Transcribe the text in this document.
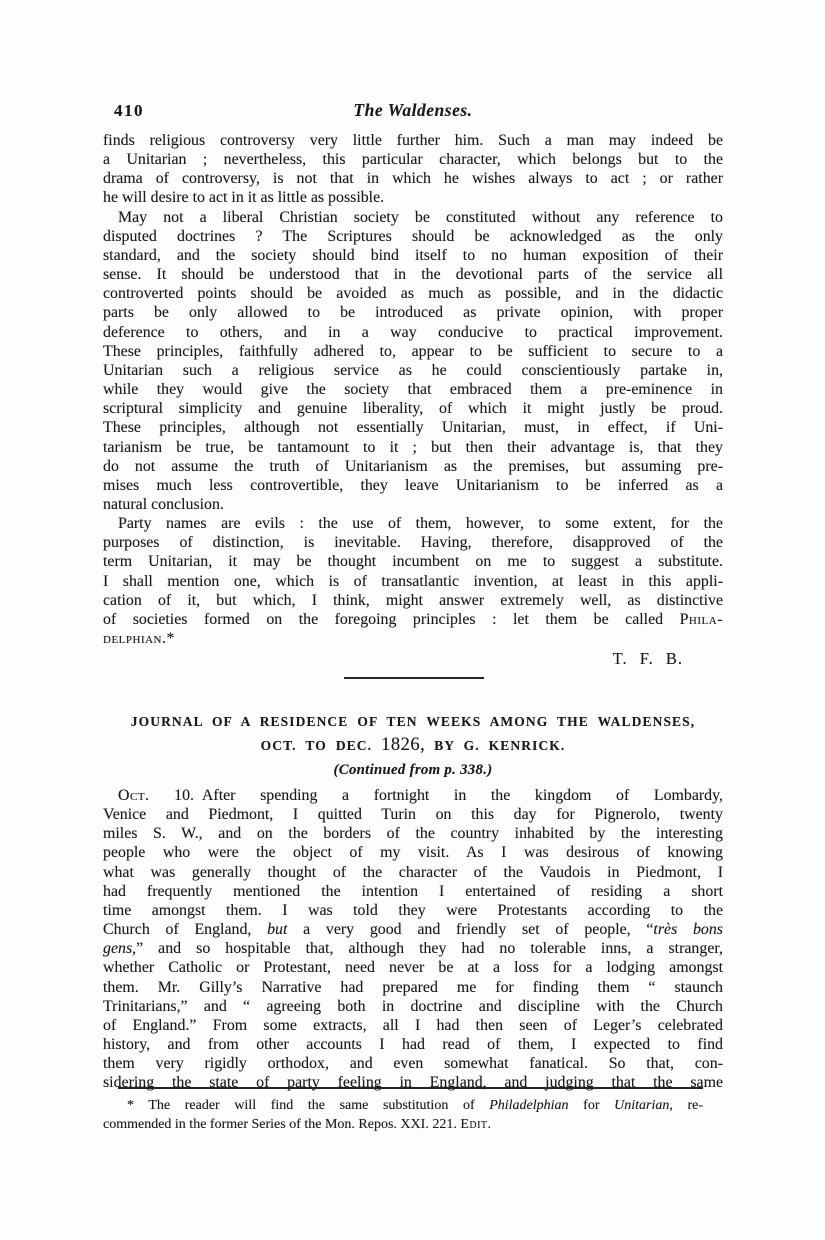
410	The Waldenses.
finds religious controversy very little further him. Such a man may indeed be
a Unitarian ; nevertheless, this particular character, which belongs but to the
drama of controversy, is not that in which he wishes always to act ; or rather
he will desire to act in it as little as possible.
May not a liberal Christian society be constituted without any reference to
disputed doctrines ? The Scriptures should be acknowledged as the only
standard, and the society should bind itself to no human exposition of their
sense. It should be understood that in the devotional parts of the service all
controverted points should be avoided as much as possible, and in the didactic
parts be only allowed to be introduced as private opinion, with proper
deference to others, and in a way conducive to practical improvement.
These principles, faithfully adhered to, appear to be sufficient to secure to a
Unitarian such a religious service as he could conscientiously partake in,
while they would give the society that embraced them a pre-eminence in
scriptural simplicity and genuine liberality, of which it might justly be proud.
These principles, although not essentially Unitarian, must, in effect, if Uni-
tarianism be true, be tantamount to it ; but then their advantage is, that they
do not assume the truth of Unitarianism as the premises, but assuming pre-
mises much less controvertible, they leave Unitarianism to be inferred as a
natural conclusion.
Party names are evils : the use of them, however, to some extent, for the
purposes of distinction, is inevitable. Having, therefore, disapproved of the
term Unitarian, it may be thought incumbent on me to suggest a substitute.
I shall mention one, which is of transatlantic invention, at least in this appli-
cation of it, but which, I think, might answer extremely well, as distinctive
of societies formed on the foregoing principles : let them be called Phila-
delphian.*
T. F. B.
JOURNAL OF A RESIDENCE OF TEN WEEKS AMONG THE WALDENSES,
OCT. TO DEC. 1826, BY G. KENRICK.
(Continued from p. 338.)
Oct. 10. After spending a fortnight in the kingdom of Lombardy,
Venice and Piedmont, I quitted Turin on this day for Pignerolo, twenty
miles S. W., and on the borders of the country inhabited by the interesting
people who were the object of my visit. As I was desirous of knowing
what was generally thought of the character of the Vaudois in Piedmont, I
had frequently mentioned the intention I entertained of residing a short
time amongst them. I was told they were Protestants according to the
Church of England, but a very good and friendly set of people, “très bons
gens,” and so hospitable that, although they had no tolerable inns, a stranger,
whether Catholic or Protestant, need never be at a loss for a lodging amongst
them. Mr. Gilly’s Narrative had prepared me for finding them “ staunch
Trinitarians,” and “ agreeing both in doctrine and discipline with the Church
of England.” From some extracts, all I had then seen of Leger’s celebrated
history, and from other accounts I had read of them, I expected to find
them very rigidly orthodox, and even somewhat fanatical. So that, con-
sidering the state of party feeling in England, and judging that the same
* The reader will find the same substitution of Philadelphian for Unitarian, re-
commended in the former Series of the Mon. Repos. XXI. 221. Edit.
